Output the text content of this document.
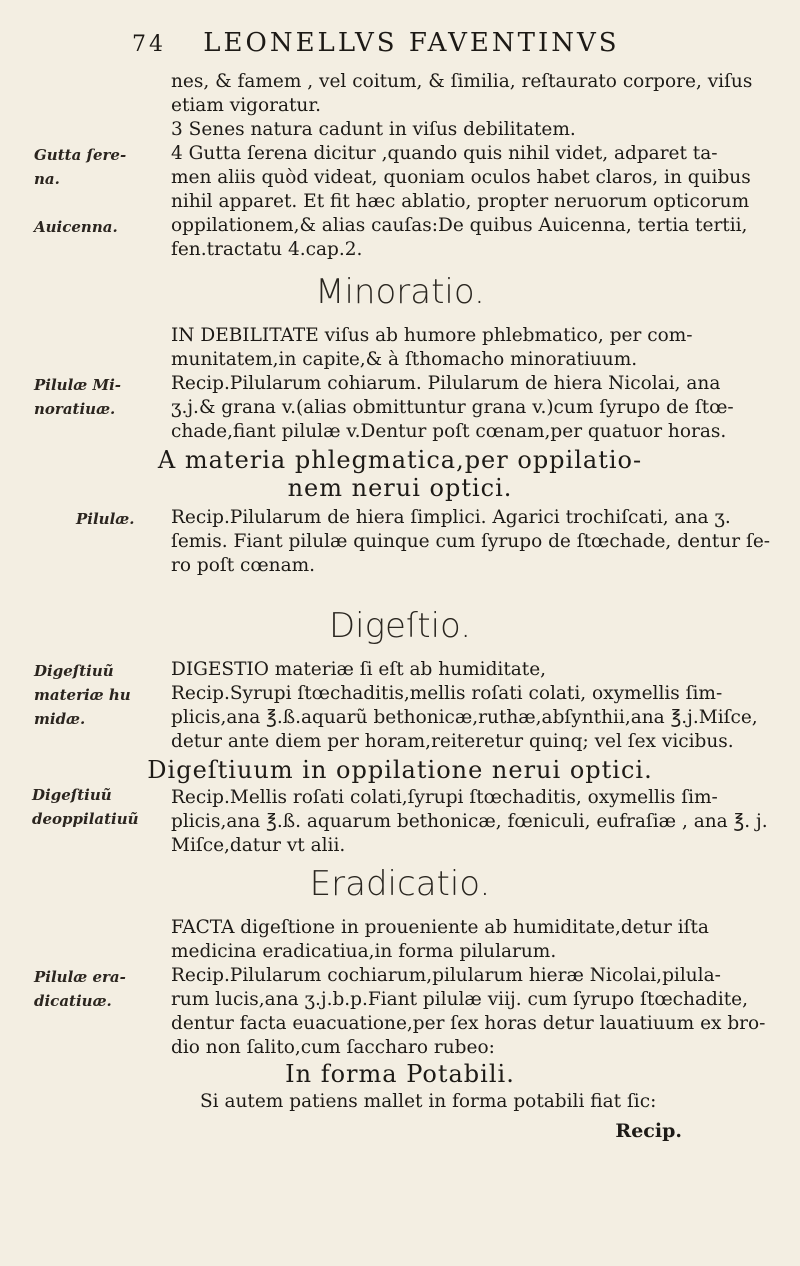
74 LEONELLVS FAVENTINVS
nes, & famem , vel coitum, & ſimilia, reſtaurato corpore, viſus
etiam vigoratur.
3 Senes natura cadunt in viſus debilitatem.
4 Gutta ſerena dicitur ,quando quis nihil videt, adparet ta-
men aliis quòd videat, quoniam oculos habet claros, in quibus
nihil apparet. Et fit hæc ablatio, propter neruorum opticorum
oppilationem,& alias cauſas:De quibus Auicenna, tertia tertii,
fen.tractatu 4.cap.2.
Gutta ſere-
na.
Auicenna.
Minoratio.
IN DEBILITATE viſus ab humore phlebmatico, per com-
munitatem,in capite,& à ſthomacho minoratiuum.
Recip.Pilularum cohiarum. Pilularum de hiera Nicolai, ana
ʒ.j.& grana v.(alias obmittuntur grana v.)cum ſyrupo de ſtœ-
chade,fiant pilulæ v.Dentur poſt cœnam,per quatuor horas.
A materia phlegmatica,per oppilatio-
nem nerui optici.
Recip.Pilularum de hiera ſimplici. Agarici trochiſcati, ana ʒ.
ſemis. Fiant pilulæ quinque cum ſyrupo de ſtœchade, dentur ſe-
ro poſt cœnam.
Pilulæ Mi-
noratiuæ.
Pilulæ.
Digeſtio.
DIGESTIO materiæ ſi eſt ab humiditate,
Recip.Syrupi ſtœchaditis,mellis roſati colati, oxymellis ſim-
plicis,ana ℥.ß.aquarũ bethonicæ,ruthæ,abſynthii,ana ℥.j.Miſce,
detur ante diem per horam,reiteretur quinq; vel ſex vicibus.
Digeſtiuum in oppilatione nerui optici.
Recip.Mellis roſati colati,ſyrupi ſtœchaditis, oxymellis ſim-
plicis,ana ℥.ß. aquarum bethonicæ, fœniculi, eufraſiæ , ana ℥. j.
Miſce,datur vt alii.
Digeſtiuũ
materiæ hu
midæ.
Digeſtiuũ
deoppilatiuũ
Eradicatio.
FACTA digeſtione in proueniente ab humiditate,detur iſta
medicina eradicatiua,in forma pilularum.
Recip.Pilularum cochiarum,pilularum hieræ Nicolai,pilula-
rum lucis,ana ʒ.j.b.p.Fiant pilulæ viij. cum ſyrupo ſtœchadite,
dentur facta euacuatione,per ſex horas detur lauatiuum ex bro-
dio non ſalito,cum ſaccharo rubeo:
In forma Potabili.
Si autem patiens mallet in forma potabili fiat ſic:
Recip.
Pilulæ era-
dicatiuæ.
